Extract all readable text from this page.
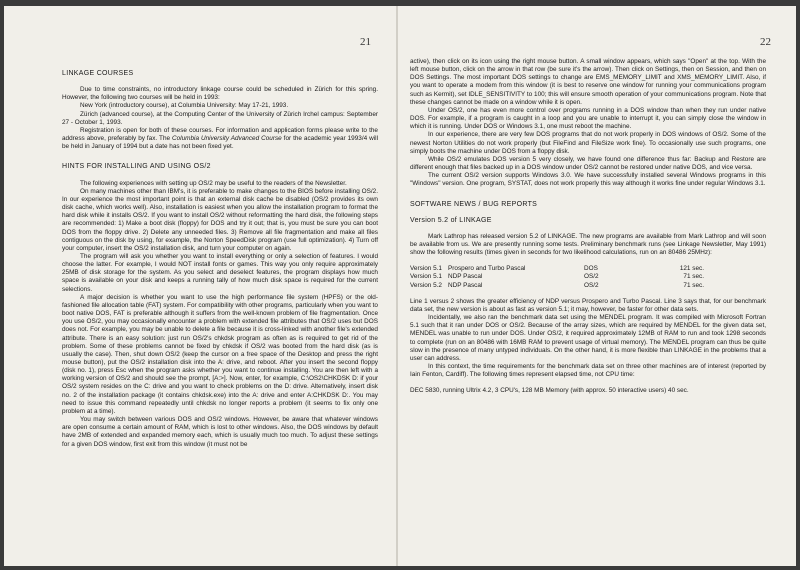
21

LINKAGE COURSES

Due to time constraints, no introductory linkage course could be scheduled in Zürich for this spring. However, the following two courses will be held in 1993:

New York (introductory course), at Columbia University: May 17-21, 1993.

Zürich (advanced course), at the Computing Center of the University of Zürich Irchel campus: September 27 - October 1, 1993.

Registration is open for both of these courses. For information and application forms please write to the address above, preferably by fax. The Columbia University Advanced Course for the academic year 1993/4 will be held in January of 1994 but a date has not been fixed yet.

HINTS FOR INSTALLING AND USING OS/2

The following experiences with setting up OS/2 may be useful to the readers of the Newsletter.

On many machines other than IBM's, it is preferable to make changes to the BIOS before installing OS/2. In our experience the most important point is that an external disk cache be disabled (OS/2 provides its own disk cache, which works well). Also, installation is easiest when you allow the installation program to format the hard disk while it installs OS/2. If you want to install OS/2 without reformatting the hard disk, the following steps are recommended: 1) Make a boot disk (floppy) for DOS and try it out; that is, you must be sure you can boot DOS from the floppy drive. 2) Delete any unneeded files. 3) Remove all file fragmentation and make all files contiguous on the disk by using, for example, the Norton SpeedDisk program (use full optimization). 4) Turn off your computer, insert the OS/2 installation disk, and turn your computer on again.

The program will ask you whether you want to install everything or only a selection of features. I would choose the latter. For example, I would NOT install fonts or games. This way you only require approximately 25MB of disk storage for the system. As you select and deselect features, the program displays how much space is available on your disk and keeps a running tally of how much disk space is required for the current selections.

A major decision is whether you want to use the high performance file system (HPFS) or the old-fashioned file allocation table (FAT) system. For compatibility with other programs, particularly when you want to boot native DOS, FAT is preferable although it suffers from the well-known problem of file fragmentation. Once you use OS/2, you may occasionally encounter a problem with extended file attributes that OS/2 uses but DOS does not. For example, you may be unable to delete a file because it is cross-linked with another file's extended attribute. There is an easy solution: just run OS/2's chkdsk program as often as is required to get rid of the problem. Some of these problems cannot be fixed by chkdsk if OS/2 was booted from the hard disk (as is usually the case). Then, shut down OS/2 (keep the cursor on a free space of the Desktop and press the right mouse button), put the OS/2 installation disk into the A: drive, and reboot. After you insert the second floppy (disk no. 1), press Esc when the program asks whether you want to continue installing. You are then left with a working version of OS/2 and should see the prompt, [A:>]. Now, enter, for example, C:\OS2\CHKDSK D: if your OS/2 system resides on the C: drive and you want to check problems on the D: drive. Alternatively, insert disk no. 2 of the installation package (it contains chkdsk.exe) into the A: drive and enter A:CHKDSK D:. You may need to issue this command repeatedly until chkdsk no longer reports a problem (it seems to fix only one problem at a time).

You may switch between various DOS and OS/2 windows. However, be aware that whatever windows are open consume a certain amount of RAM, which is lost to other windows. Also, the DOS windows by default have 2MB of extended and expanded memory each, which is usually much too much. To adjust these settings for a given DOS window, first exit from this window (it must not be

22

active), then click on its icon using the right mouse button. A small window appears, which says "Open" at the top. With the left mouse button, click on the arrow in that row (be sure it's the arrow). Then click on Settings, then on Session, and then on DOS Settings. The most important DOS settings to change are EMS_MEMORY_LIMIT and XMS_MEMORY_LIMIT. Also, if you want to operate a modem from this window (it is best to reserve one window for running your communications program such as Kermit), set IDLE_SENSITIVITY to 100; this will ensure smooth operation of your communications program. Note that these changes cannot be made on a window while it is open.

Under OS/2, one has even more control over programs running in a DOS window than when they run under native DOS. For example, if a program is caught in a loop and you are unable to interrupt it, you can simply close the window in which it is running. Under DOS or Windows 3.1, one must reboot the machine.

In our experience, there are very few DOS programs that do not work properly in DOS windows of OS/2. Some of the newest Norton Utilities do not work properly (but FileFind and FileSize work fine). To occasionally use such programs, one simply boots the machine under DOS from a floppy disk.

While OS/2 emulates DOS version 5 very closely, we have found one difference thus far: Backup and Restore are different enough that files backed up in a DOS window under OS/2 cannot be restored under native DOS, and vice versa.

The current OS/2 version supports Windows 3.0. We have successfully installed several Windows programs in this "Windows" version. One program, SYSTAT, does not work properly this way although it works fine under regular Windows 3.1.

SOFTWARE NEWS / BUG REPORTS

Version 5.2 of LINKAGE

Mark Lathrop has released version 5.2 of LINKAGE. The new programs are available from Mark Lathrop and will soon be available from us. We are presently running some tests. Preliminary benchmark runs (see Linkage Newsletter, May 1991) show the following results (times given in seconds for two likelihood calculations, run on an 80486 25MHz):

Version 5.1	Prospero and Turbo Pascal	DOS	121 sec.
Version 5.1	NDP Pascal	OS/2	71 sec.
Version 5.2	NDP Pascal	OS/2	71 sec.

Line 1 versus 2 shows the greater efficiency of NDP versus Prospero and Turbo Pascal. Line 3 says that, for our benchmark data set, the new version is about as fast as version 5.1; it may, however, be faster for other data sets.

Incidentally, we also ran the benchmark data set using the MENDEL program. It was compiled with Microsoft Fortran 5.1 such that it ran under DOS or OS/2. Because of the array sizes, which are required by MENDEL for the given data set, MENDEL was unable to run under DOS. Under OS/2, it required approximately 12MB of RAM to run and took 1298 seconds to complete (run on an 80486 with 16MB RAM to prevent usage of virtual memory). The MENDEL program can thus be quite slow in the presence of many untyped individuals. On the other hand, it is more flexible than LINKAGE in the problems that a user can address.

In this context, the time requirements for the benchmark data set on three other machines are of interest (reported by Iain Fenton, Cardiff). The following times represent elapsed time, not CPU time:

DEC 5830, running Ultrix 4.2, 3 CPU's, 128 MB Memory (with approx. 50 interactive users) 40 sec.
